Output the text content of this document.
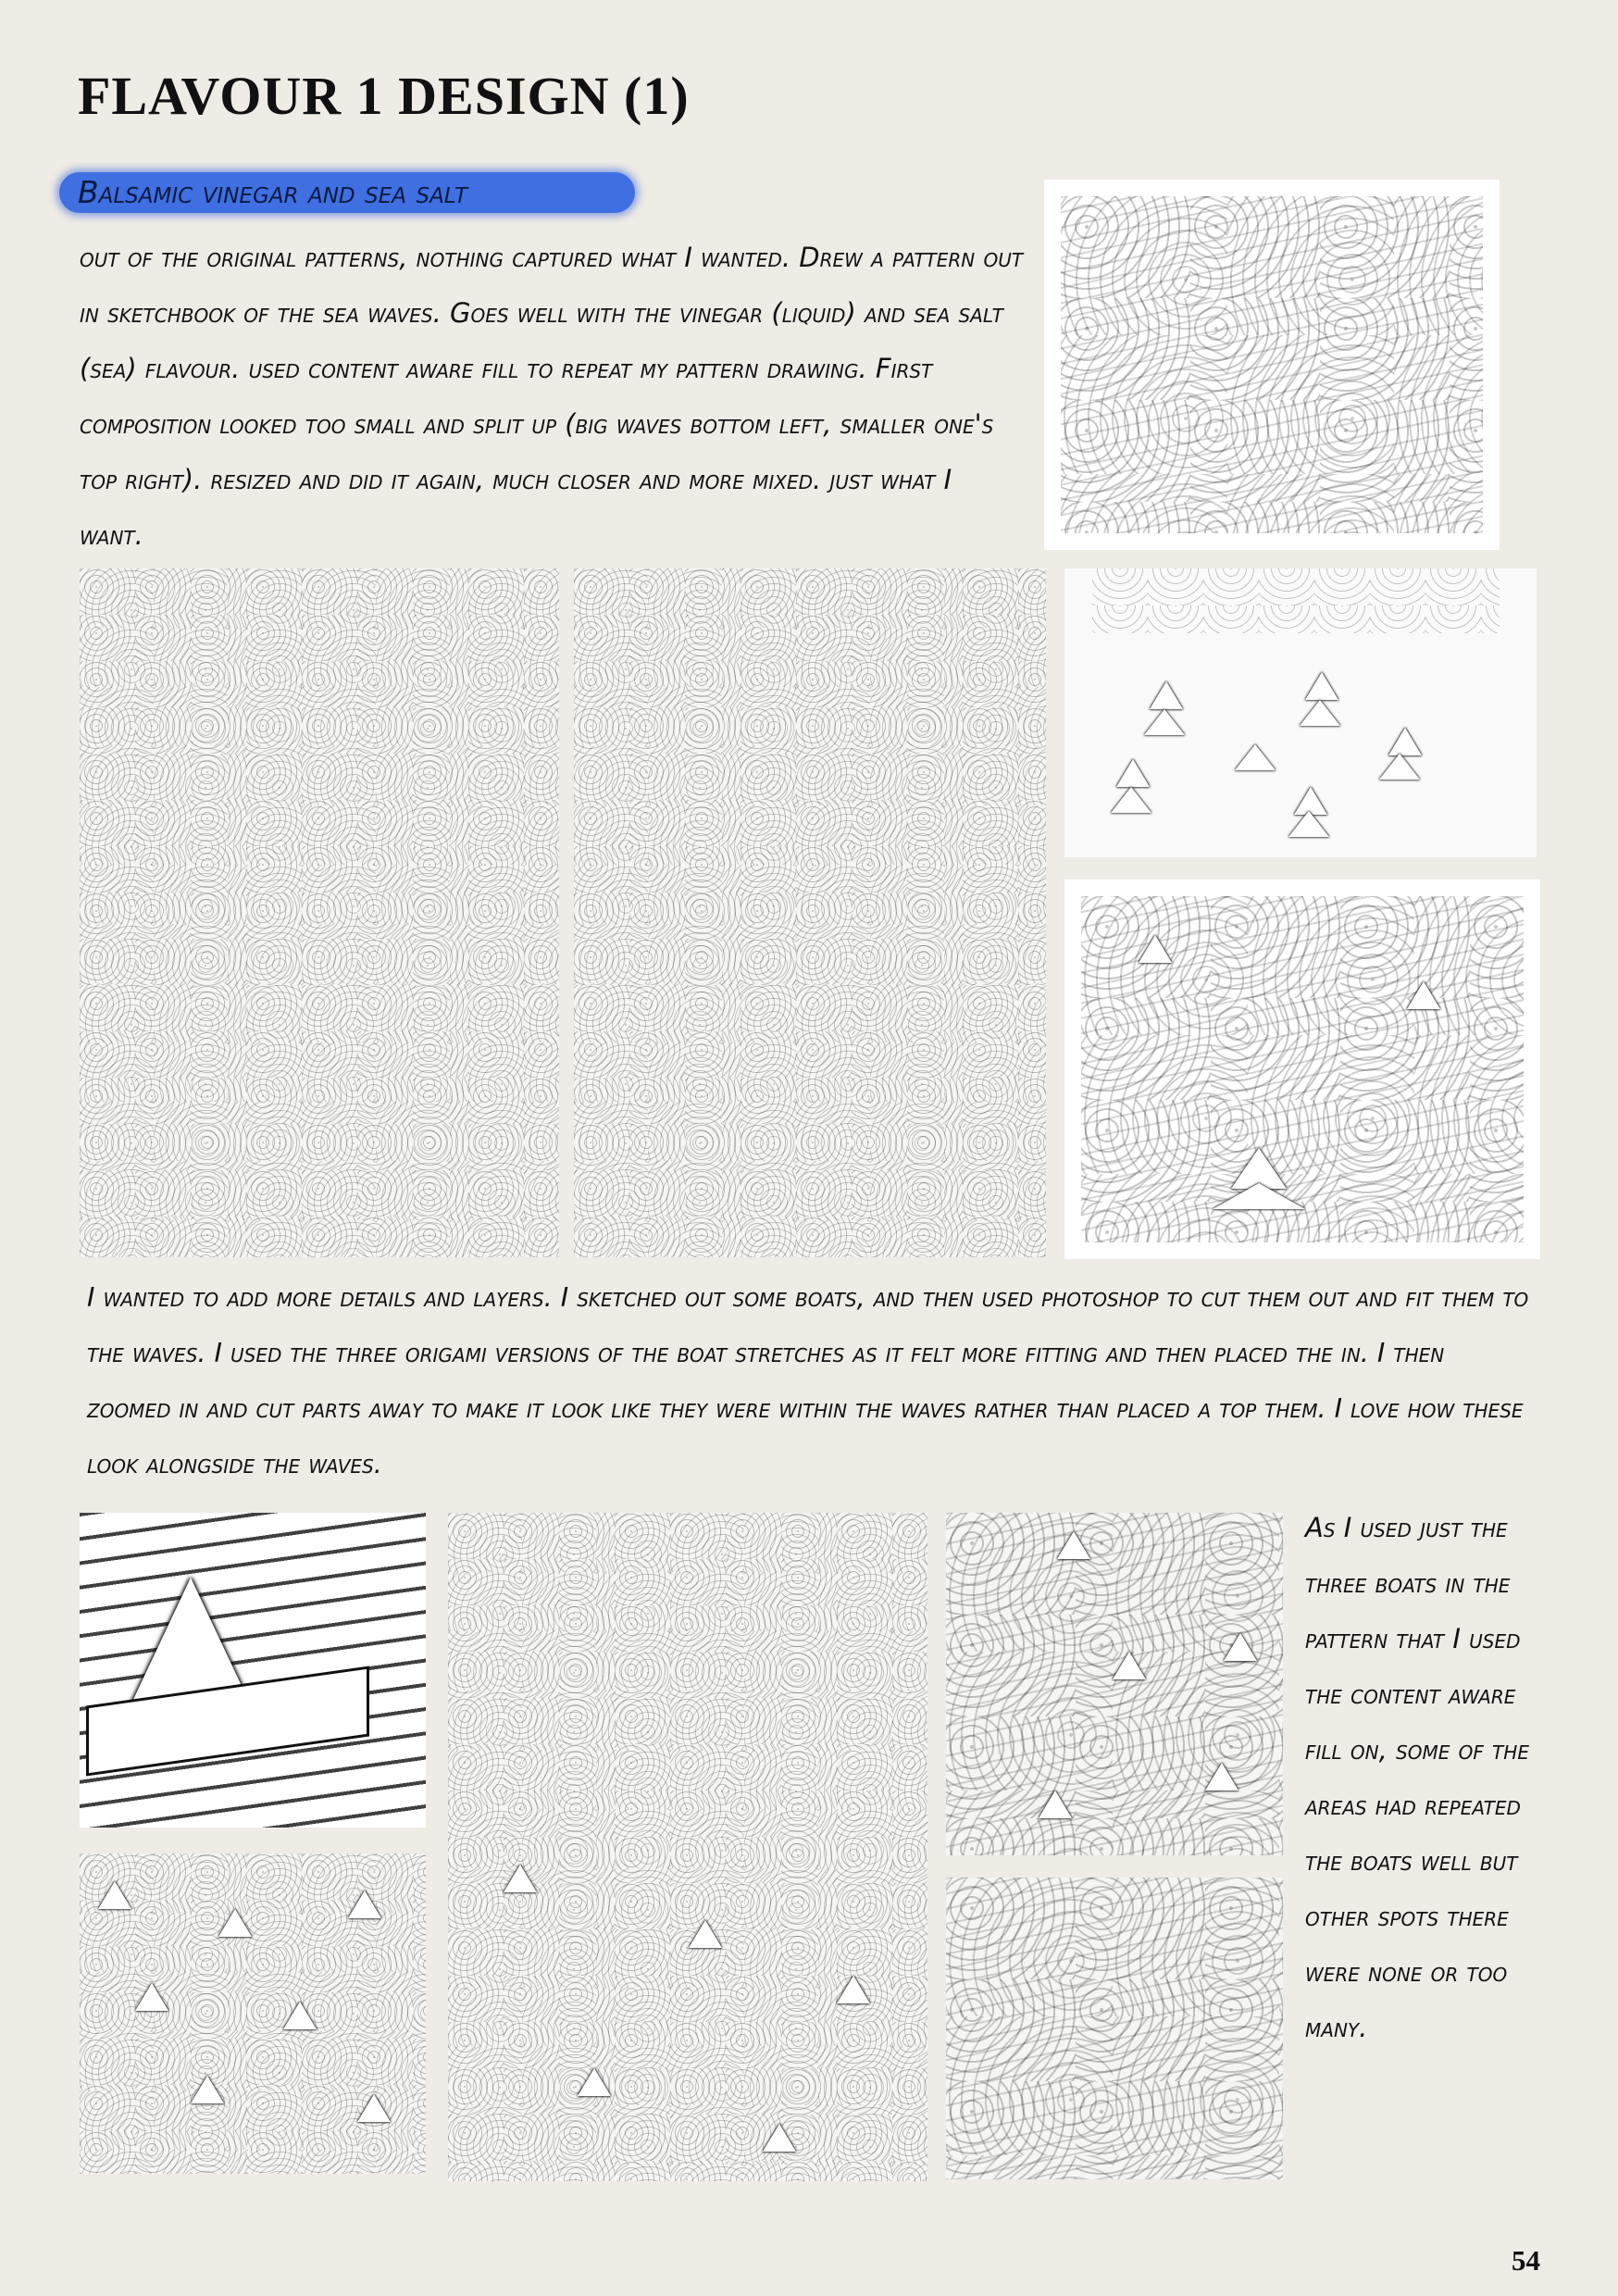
FLAVOUR 1 DESIGN (1)
Balsamic vinegar and sea salt

out of the original patterns, nothing captured what I wanted. Drew a pattern out in sketchbook of the sea waves. Goes well with the vinegar (liquid) and sea salt (sea) flavour. used content aware fill to repeat my pattern drawing. First composition looked too small and split up (big waves bottom left, smaller one's top right). resized and did it again, much closer and more mixed. just what I want.

I wanted to add more details and layers. I sketched out some boats, and then used photoshop to cut them out and fit them to the waves. I used the three origami versions of the boat stretches as it felt more fitting and then placed the in. I then zoomed in and cut parts away to make it look like they were within the waves rather than placed a top them. I love how these look alongside the waves.

As I used just the three boats in the pattern that I used the content aware fill on, some of the areas had repeated the boats well but other spots there were none or too many.

54
